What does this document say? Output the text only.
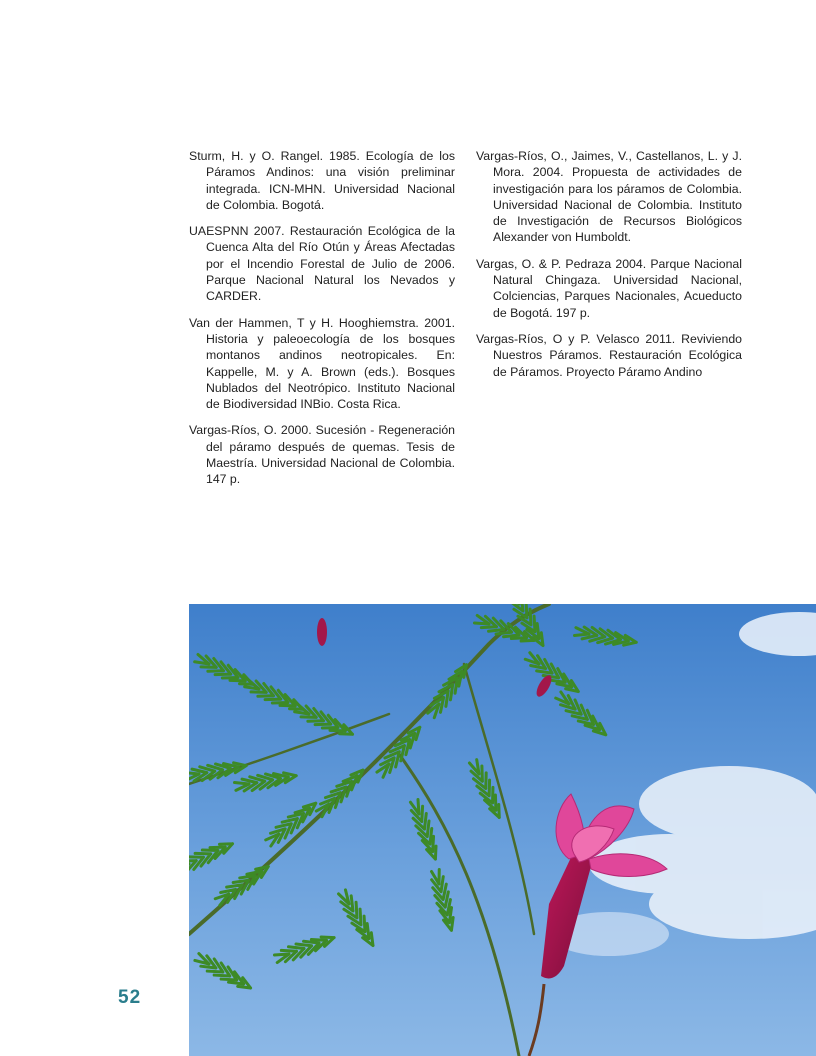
Sturm, H. y O. Rangel. 1985. Ecología de los Páramos Andinos: una visión preliminar integrada. ICN-MHN. Universidad Nacional de Colombia. Bogotá.

UAESPNN 2007. Restauración Ecológica de la Cuenca Alta del Río Otún y Áreas Afectadas por el Incendio Forestal de Julio de 2006. Parque Nacional Natural los Nevados y CARDER.

Van der Hammen, T y H. Hooghiemstra. 2001. Historia y paleoecología de los bosques montanos andinos neotropicales. En: Kappelle, M. y A. Brown (eds.). Bosques Nublados del Neotrópico. Instituto Nacional de Biodiversidad INBio. Costa Rica.

Vargas-Ríos, O. 2000. Sucesión - Regeneración del páramo después de quemas. Tesis de Maestría. Universidad Nacional de Colombia. 147 p.

Vargas-Ríos, O., Jaimes, V., Castellanos, L. y J. Mora. 2004. Propuesta de actividades de investigación para los páramos de Colombia. Universidad Nacional de Colombia. Instituto de Investigación de Recursos Biológicos Alexander von Humboldt.

Vargas, O. & P. Pedraza 2004. Parque Nacional Natural Chingaza. Universidad Nacional, Colciencias, Parques Nacionales, Acueducto de Bogotá. 197 p.

Vargas-Ríos, O y P. Velasco 2011. Reviviendo Nuestros Páramos. Restauración Ecológica de Páramos. Proyecto Páramo Andino

52
